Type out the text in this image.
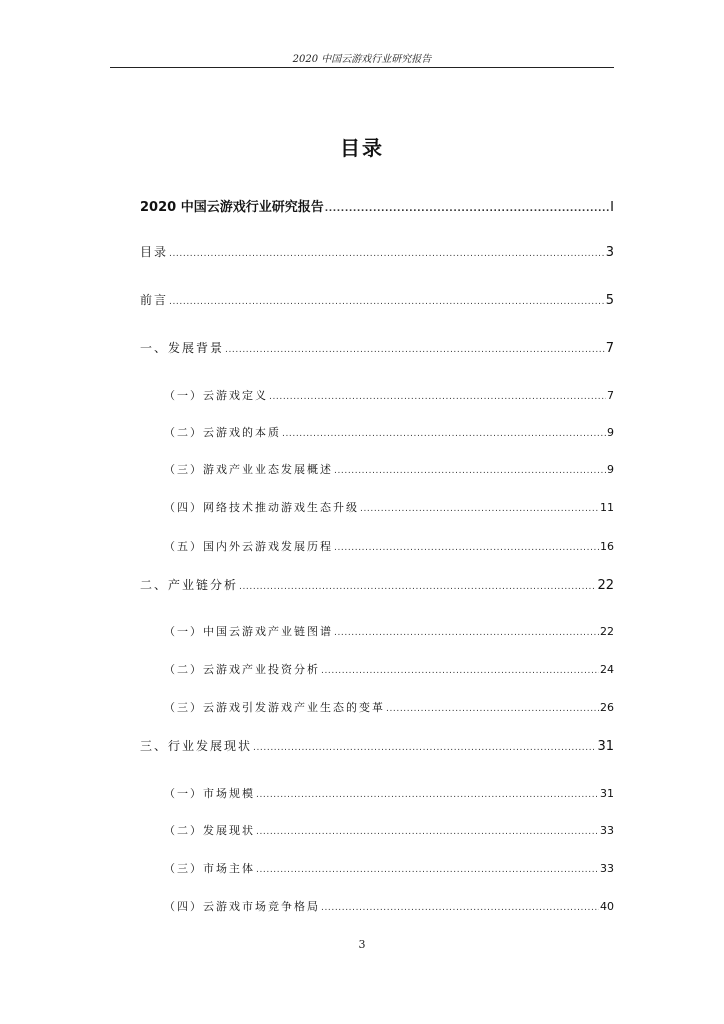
2020 中国云游戏行业研究报告
目录
2020 中国云游戏行业研究报告 .....	I
目录 .....	3
前言 .....	5
一、发展背景 .....	7
（一）云游戏定义 .....	7
（二）云游戏的本质 .....	9
（三）游戏产业业态发展概述 .....	9
（四）网络技术推动游戏生态升级 .....	11
（五）国内外云游戏发展历程 .....	16
二、产业链分析 .....	22
（一）中国云游戏产业链图谱 .....	22
（二）云游戏产业投资分析 .....	24
（三）云游戏引发游戏产业生态的变革 .....	26
三、行业发展现状 .....	31
（一）市场规模 .....	31
（二）发展现状 .....	33
（三）市场主体 .....	33
（四）云游戏市场竞争格局 .....	40
3
